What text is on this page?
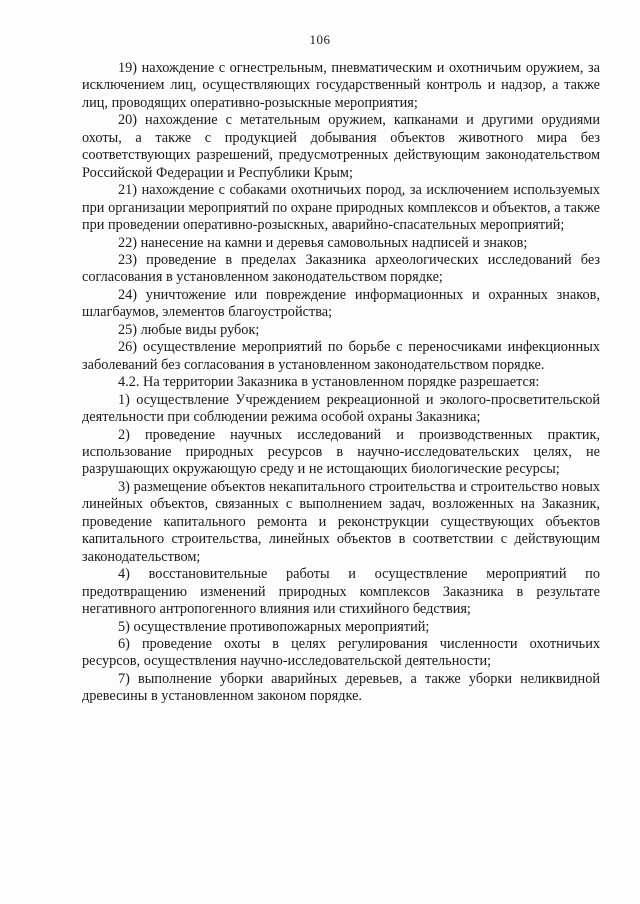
106

19) нахождение с огнестрельным, пневматическим и охотничьим оружием, за исключением лиц, осуществляющих государственный контроль и надзор, а также лиц, проводящих оперативно-розыскные мероприятия;

20) нахождение с метательным оружием, капканами и другими орудиями охоты, а также с продукцией добывания объектов животного мира без соответствующих разрешений, предусмотренных действующим законодательством Российской Федерации и Республики Крым;

21) нахождение с собаками охотничьих пород, за исключением используемых при организации мероприятий по охране природных комплексов и объектов, а также при проведении оперативно-розыскных, аварийно-спасательных мероприятий;

22) нанесение на камни и деревья самовольных надписей и знаков;

23) проведение в пределах Заказника археологических исследований без согласования в установленном законодательством порядке;

24) уничтожение или повреждение информационных и охранных знаков, шлагбаумов, элементов благоустройства;

25) любые виды рубок;

26) осуществление мероприятий по борьбе с переносчиками инфекционных заболеваний без согласования в установленном законодательством порядке.

4.2. На территории Заказника в установленном порядке разрешается:

1) осуществление Учреждением рекреационной и эколого-просветительской деятельности при соблюдении режима особой охраны Заказника;

2) проведение научных исследований и производственных практик, использование природных ресурсов в научно-исследовательских целях, не разрушающих окружающую среду и не истощающих биологические ресурсы;

3) размещение объектов некапитального строительства и строительство новых линейных объектов, связанных с выполнением задач, возложенных на Заказник, проведение капитального ремонта и реконструкции существующих объектов капитального строительства, линейных объектов в соответствии с действующим законодательством;

4) восстановительные работы и осуществление мероприятий по предотвращению изменений природных комплексов Заказника в результате негативного антропогенного влияния или стихийного бедствия;

5) осуществление противопожарных мероприятий;

6) проведение охоты в целях регулирования численности охотничьих ресурсов, осуществления научно-исследовательской деятельности;

7) выполнение уборки аварийных деревьев, а также уборки неликвидной древесины в установленном законом порядке.
